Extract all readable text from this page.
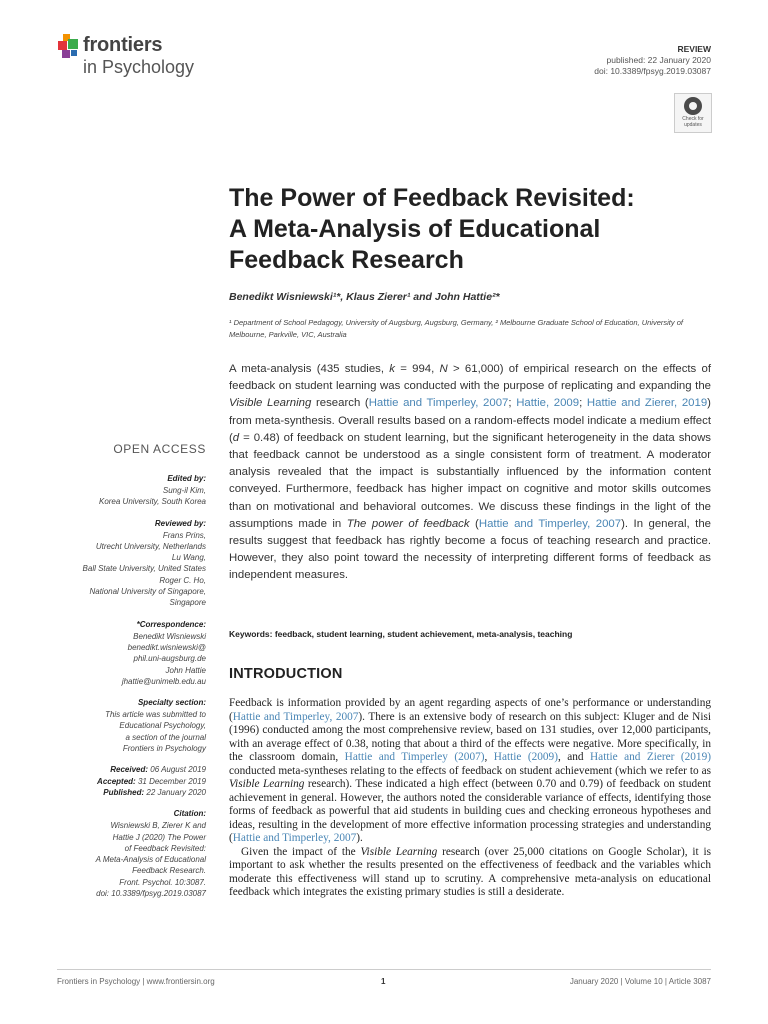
frontiers
in Psychology
REVIEW
published: 22 January 2020
doi: 10.3389/fpsyg.2019.03087
Check for
updates
The Power of Feedback Revisited:
A Meta-Analysis of Educational
Feedback Research
Benedikt Wisniewski¹*, Klaus Zierer¹ and John Hattie²*
¹ Department of School Pedagogy, University of Augsburg, Augsburg, Germany, ² Melbourne Graduate School of Education, University of Melbourne, Parkville, VIC, Australia
A meta-analysis (435 studies, k = 994, N > 61,000) of empirical research on the effects of feedback on student learning was conducted with the purpose of replicating and expanding the Visible Learning research (Hattie and Timperley, 2007; Hattie, 2009; Hattie and Zierer, 2019) from meta-synthesis. Overall results based on a random-effects model indicate a medium effect (d = 0.48) of feedback on student learning, but the significant heterogeneity in the data shows that feedback cannot be understood as a single consistent form of treatment. A moderator analysis revealed that the impact is substantially influenced by the information content conveyed. Furthermore, feedback has higher impact on cognitive and motor skills outcomes than on motivational and behavioral outcomes. We discuss these findings in the light of the assumptions made in The power of feedback (Hattie and Timperley, 2007). In general, the results suggest that feedback has rightly become a focus of teaching research and practice. However, they also point toward the necessity of interpreting different forms of feedback as independent measures.
Keywords: feedback, student learning, student achievement, meta-analysis, teaching
OPEN ACCESS
Edited by:
Sung-il Kim,
Korea University, South Korea
Reviewed by:
Frans Prins,
Utrecht University, Netherlands
Lu Wang,
Ball State University, United States
Roger C. Ho,
National University of Singapore,
Singapore
*Correspondence:
Benedikt Wisniewski
benedikt.wisniewski@
phil.uni-augsburg.de
John Hattie
jhattie@unimelb.edu.au
Specialty section:
This article was submitted to
Educational Psychology,
a section of the journal
Frontiers in Psychology
Received: 06 August 2019
Accepted: 31 December 2019
Published: 22 January 2020
Citation:
Wisniewski B, Zierer K and
Hattie J (2020) The Power
of Feedback Revisited:
A Meta-Analysis of Educational
Feedback Research.
Front. Psychol. 10:3087.
doi: 10.3389/fpsyg.2019.03087
INTRODUCTION

Feedback is information provided by an agent regarding aspects of one’s performance or understanding (Hattie and Timperley, 2007). There is an extensive body of research on this subject: Kluger and de Nisi (1996) conducted among the most comprehensive review, based on 131 studies, over 12,000 participants, with an average effect of 0.38, noting that about a third of the effects were negative. More specifically, in the classroom domain, Hattie and Timperley (2007), Hattie (2009), and Hattie and Zierer (2019) conducted meta-syntheses relating to the effects of feedback on student achievement (which we refer to as Visible Learning research). These indicated a high effect (between 0.70 and 0.79) of feedback on student achievement in general. However, the authors noted the considerable variance of effects, identifying those forms of feedback as powerful that aid students in building cues and checking erroneous hypotheses and ideas, resulting in the development of more effective information processing strategies and understanding (Hattie and Timperley, 2007).

Given the impact of the Visible Learning research (over 25,000 citations on Google Scholar), it is important to ask whether the results presented on the effectiveness of feedback and the variables which moderate this effectiveness will stand up to scrutiny. A comprehensive meta-analysis on educational feedback which integrates the existing primary studies is still a desiderate.

Frontiers in Psychology | www.frontiersin.org	1	January 2020 | Volume 10 | Article 3087
